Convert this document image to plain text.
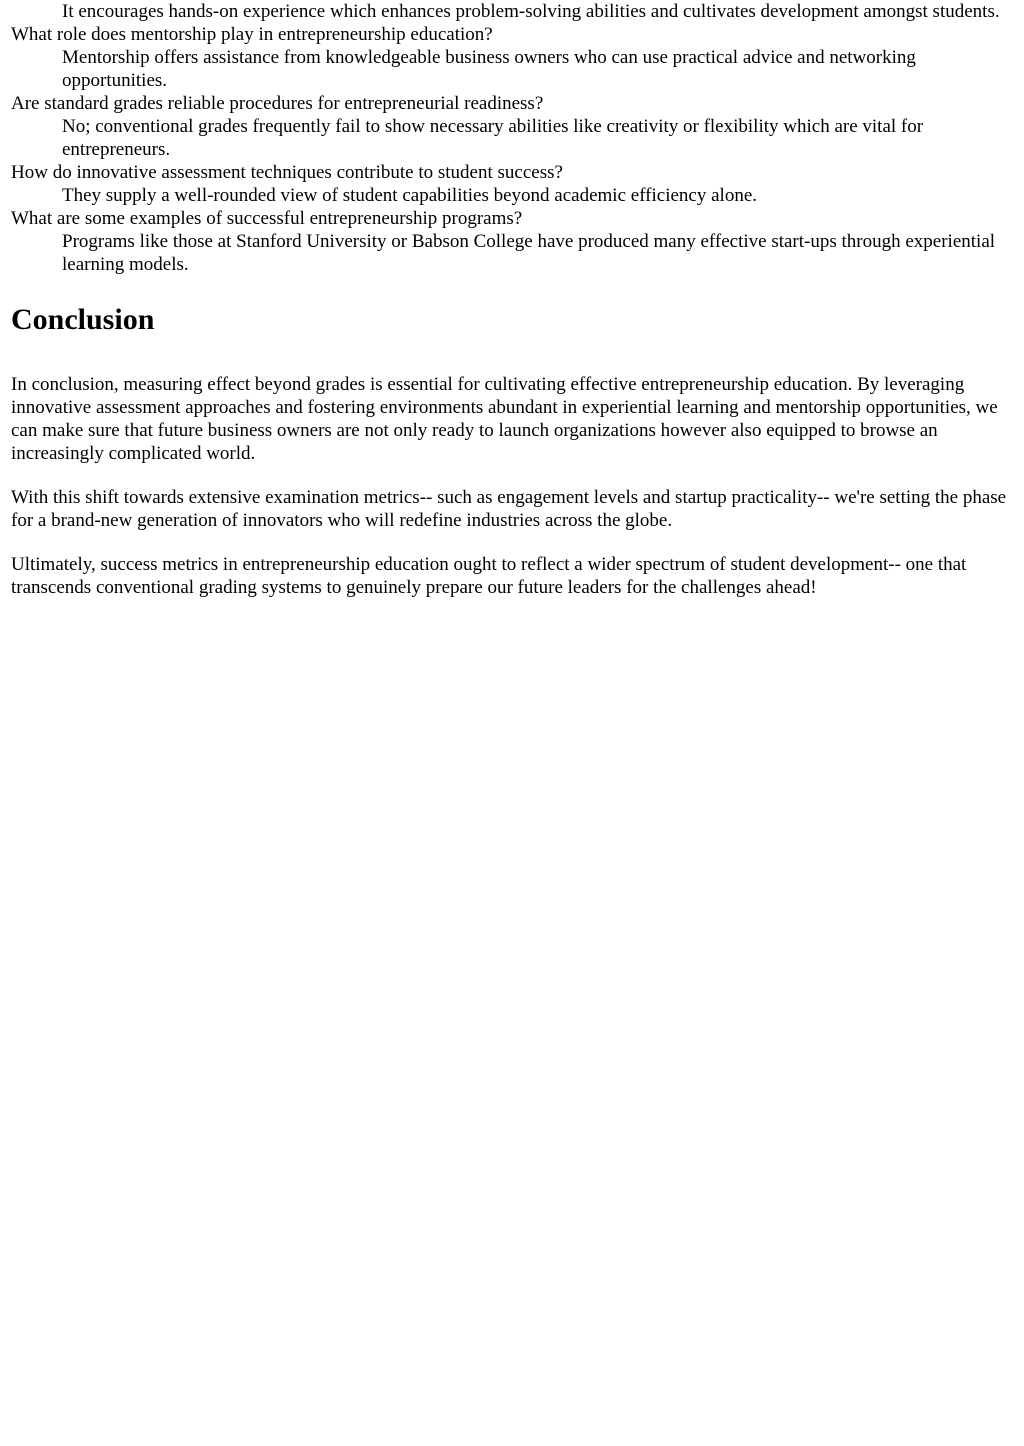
It encourages hands-on experience which enhances problem-solving abilities and cultivates development amongst students.
What role does mentorship play in entrepreneurship education?
Mentorship offers assistance from knowledgeable business owners who can use practical advice and networking opportunities.
Are standard grades reliable procedures for entrepreneurial readiness?
No; conventional grades frequently fail to show necessary abilities like creativity or flexibility which are vital for entrepreneurs.
How do innovative assessment techniques contribute to student success?
They supply a well-rounded view of student capabilities beyond academic efficiency alone.
What are some examples of successful entrepreneurship programs?
Programs like those at Stanford University or Babson College have produced many effective start-ups through experiential learning models.
Conclusion

In conclusion, measuring effect beyond grades is essential for cultivating effective entrepreneurship education. By leveraging innovative assessment approaches and fostering environments abundant in experiential learning and mentorship opportunities, we can make sure that future business owners are not only ready to launch organizations however also equipped to browse an increasingly complicated world.

With this shift towards extensive examination metrics-- such as engagement levels and startup practicality-- we're setting the phase for a brand-new generation of innovators who will redefine industries across the globe.

Ultimately, success metrics in entrepreneurship education ought to reflect a wider spectrum of student development-- one that transcends conventional grading systems to genuinely prepare our future leaders for the challenges ahead!
